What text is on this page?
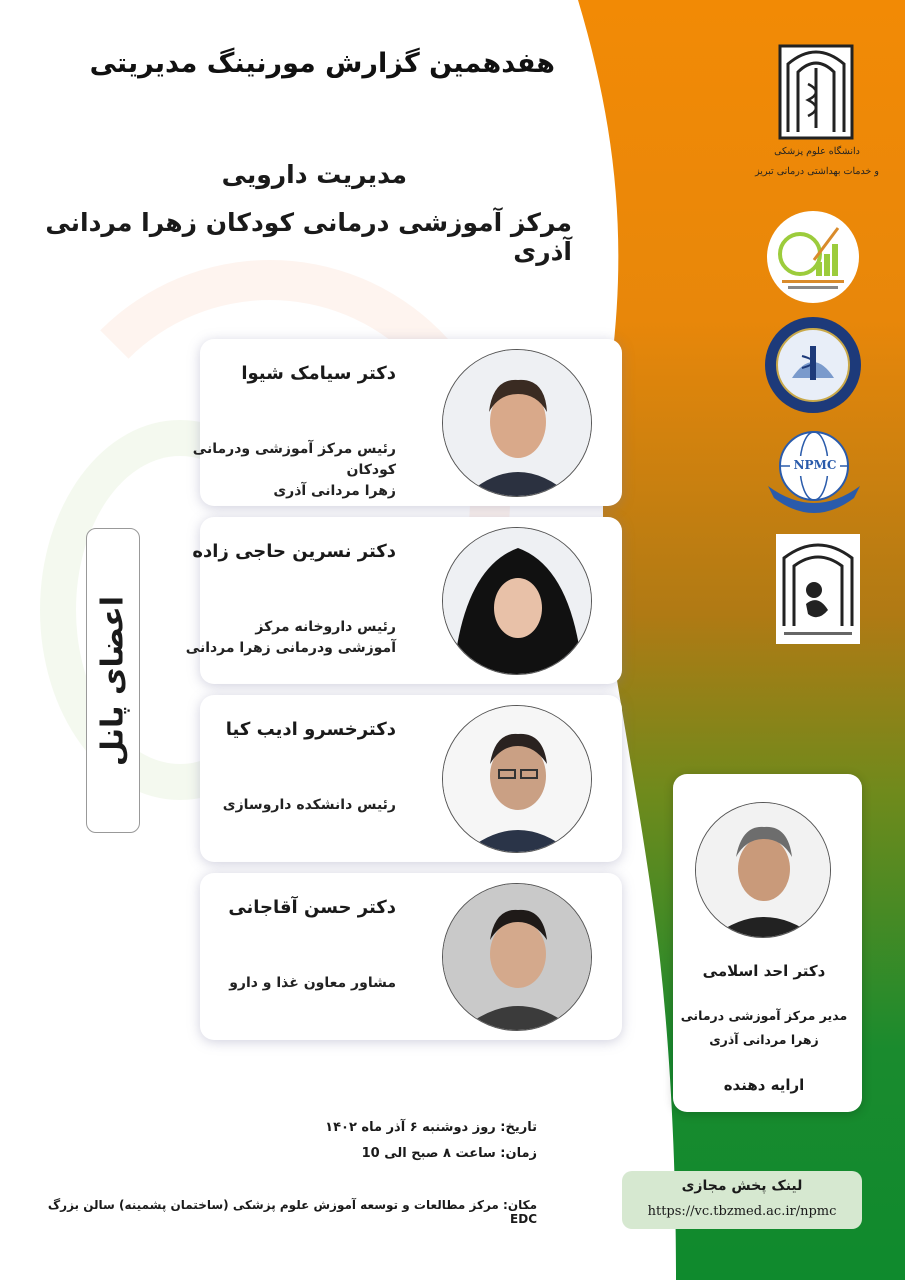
هفدهمین گزارش مورنینگ مدیریتی
مدیریت دارویی
مرکز آموزشی درمانی کودکان زهرا مردانی آذری
دانشگاه علوم پزشکی
و خدمات بهداشتی درمانی تبریز
NPMC
دکتر سیامک شیوا
رئیس مرکز آموزشی ودرمانی کودکان
زهرا مردانی آذری
دکتر نسرین حاجی زاده
رئیس داروخانه مرکز
آموزشی ودرمانی زهرا مردانی
دکترخسرو ادیب کیا
رئیس دانشکده داروسازی
دکتر حسن آقاجانی
مشاور معاون غذا و دارو
اعضای پانل
دکتر احد اسلامی
مدیر مرکز آموزشی درمانی
زهرا مردانی آذری
ارایه دهنده
تاریخ: روز دوشنبه ۶ آذر ماه ۱۴۰۲
زمان: ساعت ۸ صبح الی 10
مکان: مرکز مطالعات و توسعه آموزش علوم پزشکی (ساختمان پشمینه) سالن بزرگ EDC
لینک پخش مجازی
https://vc.tbzmed.ac.ir/npmc
